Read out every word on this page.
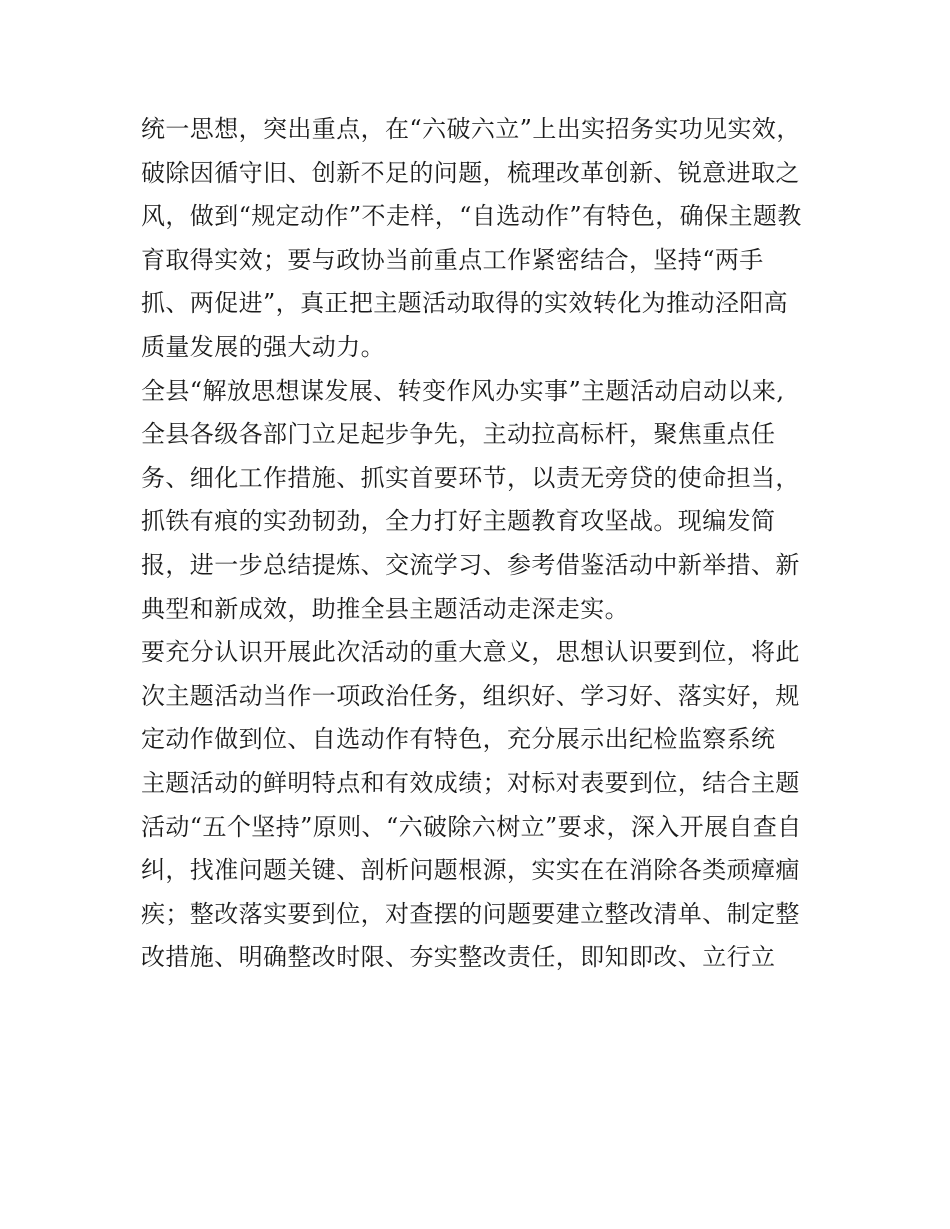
统一思想，突出重点，在“六破六立”上出实招务实功见实效，
破除因循守旧、创新不足的问题，梳理改革创新、锐意进取之
风，做到“规定动作”不走样，“自选动作”有特色，确保主题教
育取得实效；要与政协当前重点工作紧密结合，坚持“两手
抓、两促进”，真正把主题活动取得的实效转化为推动泾阳高
质量发展的强大动力。
全县“解放思想谋发展、转变作风办实事”主题活动启动以来,
全县各级各部门立足起步争先，主动拉高标杆，聚焦重点任
务、细化工作措施、抓实首要环节，以责无旁贷的使命担当，
抓铁有痕的实劲韧劲，全力打好主题教育攻坚战。现编发简
报，进一步总结提炼、交流学习、参考借鉴活动中新举措、新
典型和新成效，助推全县主题活动走深走实。
要充分认识开展此次活动的重大意义，思想认识要到位，将此
次主题活动当作一项政治任务，组织好、学习好、落实好，规
定动作做到位、自选动作有特色，充分展示出纪检监察系统
主题活动的鲜明特点和有效成绩；对标对表要到位，结合主题
活动“五个坚持”原则、“六破除六树立”要求，深入开展自查自
纠，找准问题关键、剖析问题根源，实实在在消除各类顽瘴痼
疾；整改落实要到位，对查摆的问题要建立整改清单、制定整
改措施、明确整改时限、夯实整改责任，即知即改、立行立
